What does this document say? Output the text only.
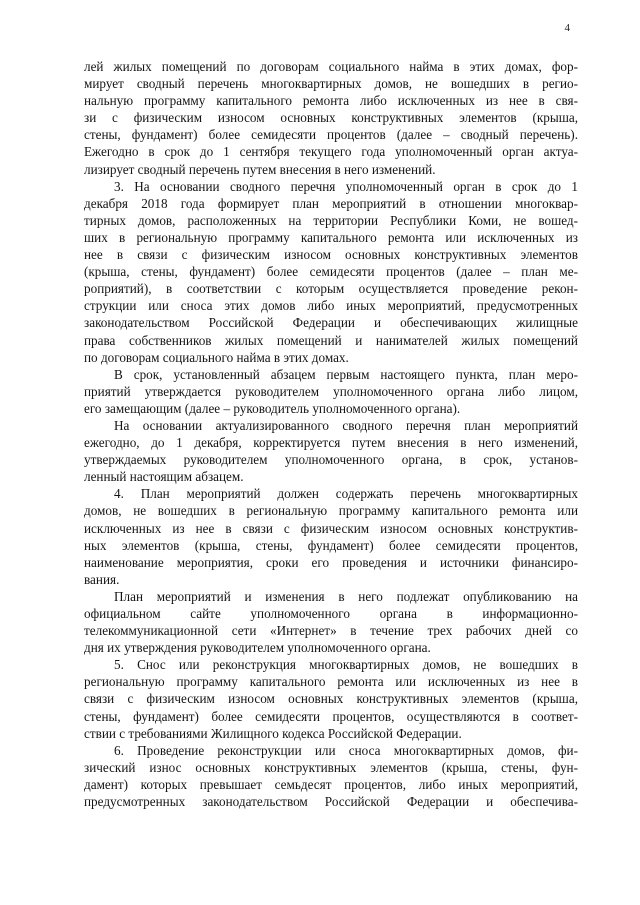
4
лей жилых помещений по договорам социального найма в этих домах, фор-
мирует сводный перечень многоквартирных домов, не вошедших в регио-
нальную программу капитального ремонта либо исключенных из нее в свя-
зи с физическим износом основных конструктивных элементов (крыша,
стены, фундамент) более семидесяти процентов (далее – сводный перечень).
Ежегодно в срок до 1 сентября текущего года уполномоченный орган актуа-
лизирует сводный перечень путем внесения в него изменений.
3. На основании сводного перечня уполномоченный орган в срок до 1
декабря 2018 года формирует план мероприятий в отношении многоквар-
тирных домов, расположенных на территории Республики Коми, не вошед-
ших в региональную программу капитального ремонта или исключенных из
нее в связи с физическим износом основных конструктивных элементов
(крыша, стены, фундамент) более семидесяти процентов (далее – план ме-
роприятий), в соответствии с которым осуществляется проведение рекон-
струкции или сноса этих домов либо иных мероприятий, предусмотренных
законодательством Российской Федерации и обеспечивающих жилищные
права собственников жилых помещений и нанимателей жилых помещений
по договорам социального найма в этих домах.
В срок, установленный абзацем первым настоящего пункта, план меро-
приятий утверждается руководителем уполномоченного органа либо лицом,
его замещающим (далее – руководитель уполномоченного органа).
На основании актуализированного сводного перечня план мероприятий
ежегодно, до 1 декабря, корректируется путем внесения в него изменений,
утверждаемых руководителем уполномоченного органа, в срок, установ-
ленный настоящим абзацем.
4. План мероприятий должен содержать перечень многоквартирных
домов, не вошедших в региональную программу капитального ремонта или
исключенных из нее в связи с физическим износом основных конструктив-
ных элементов (крыша, стены, фундамент) более семидесяти процентов,
наименование мероприятия, сроки его проведения и источники финансиро-
вания.
План мероприятий и изменения в него подлежат опубликованию на
официальном сайте уполномоченного органа в информационно-
телекоммуникационной сети «Интернет» в течение трех рабочих дней со
дня их утверждения руководителем уполномоченного органа.
5. Снос или реконструкция многоквартирных домов, не вошедших в
региональную программу капитального ремонта или исключенных из нее в
связи с физическим износом основных конструктивных элементов (крыша,
стены, фундамент) более семидесяти процентов, осуществляются в соответ-
ствии с требованиями Жилищного кодекса Российской Федерации.
6. Проведение реконструкции или сноса многоквартирных домов, фи-
зический износ основных конструктивных элементов (крыша, стены, фун-
дамент) которых превышает семьдесят процентов, либо иных мероприятий,
предусмотренных законодательством Российской Федерации и обеспечива-
